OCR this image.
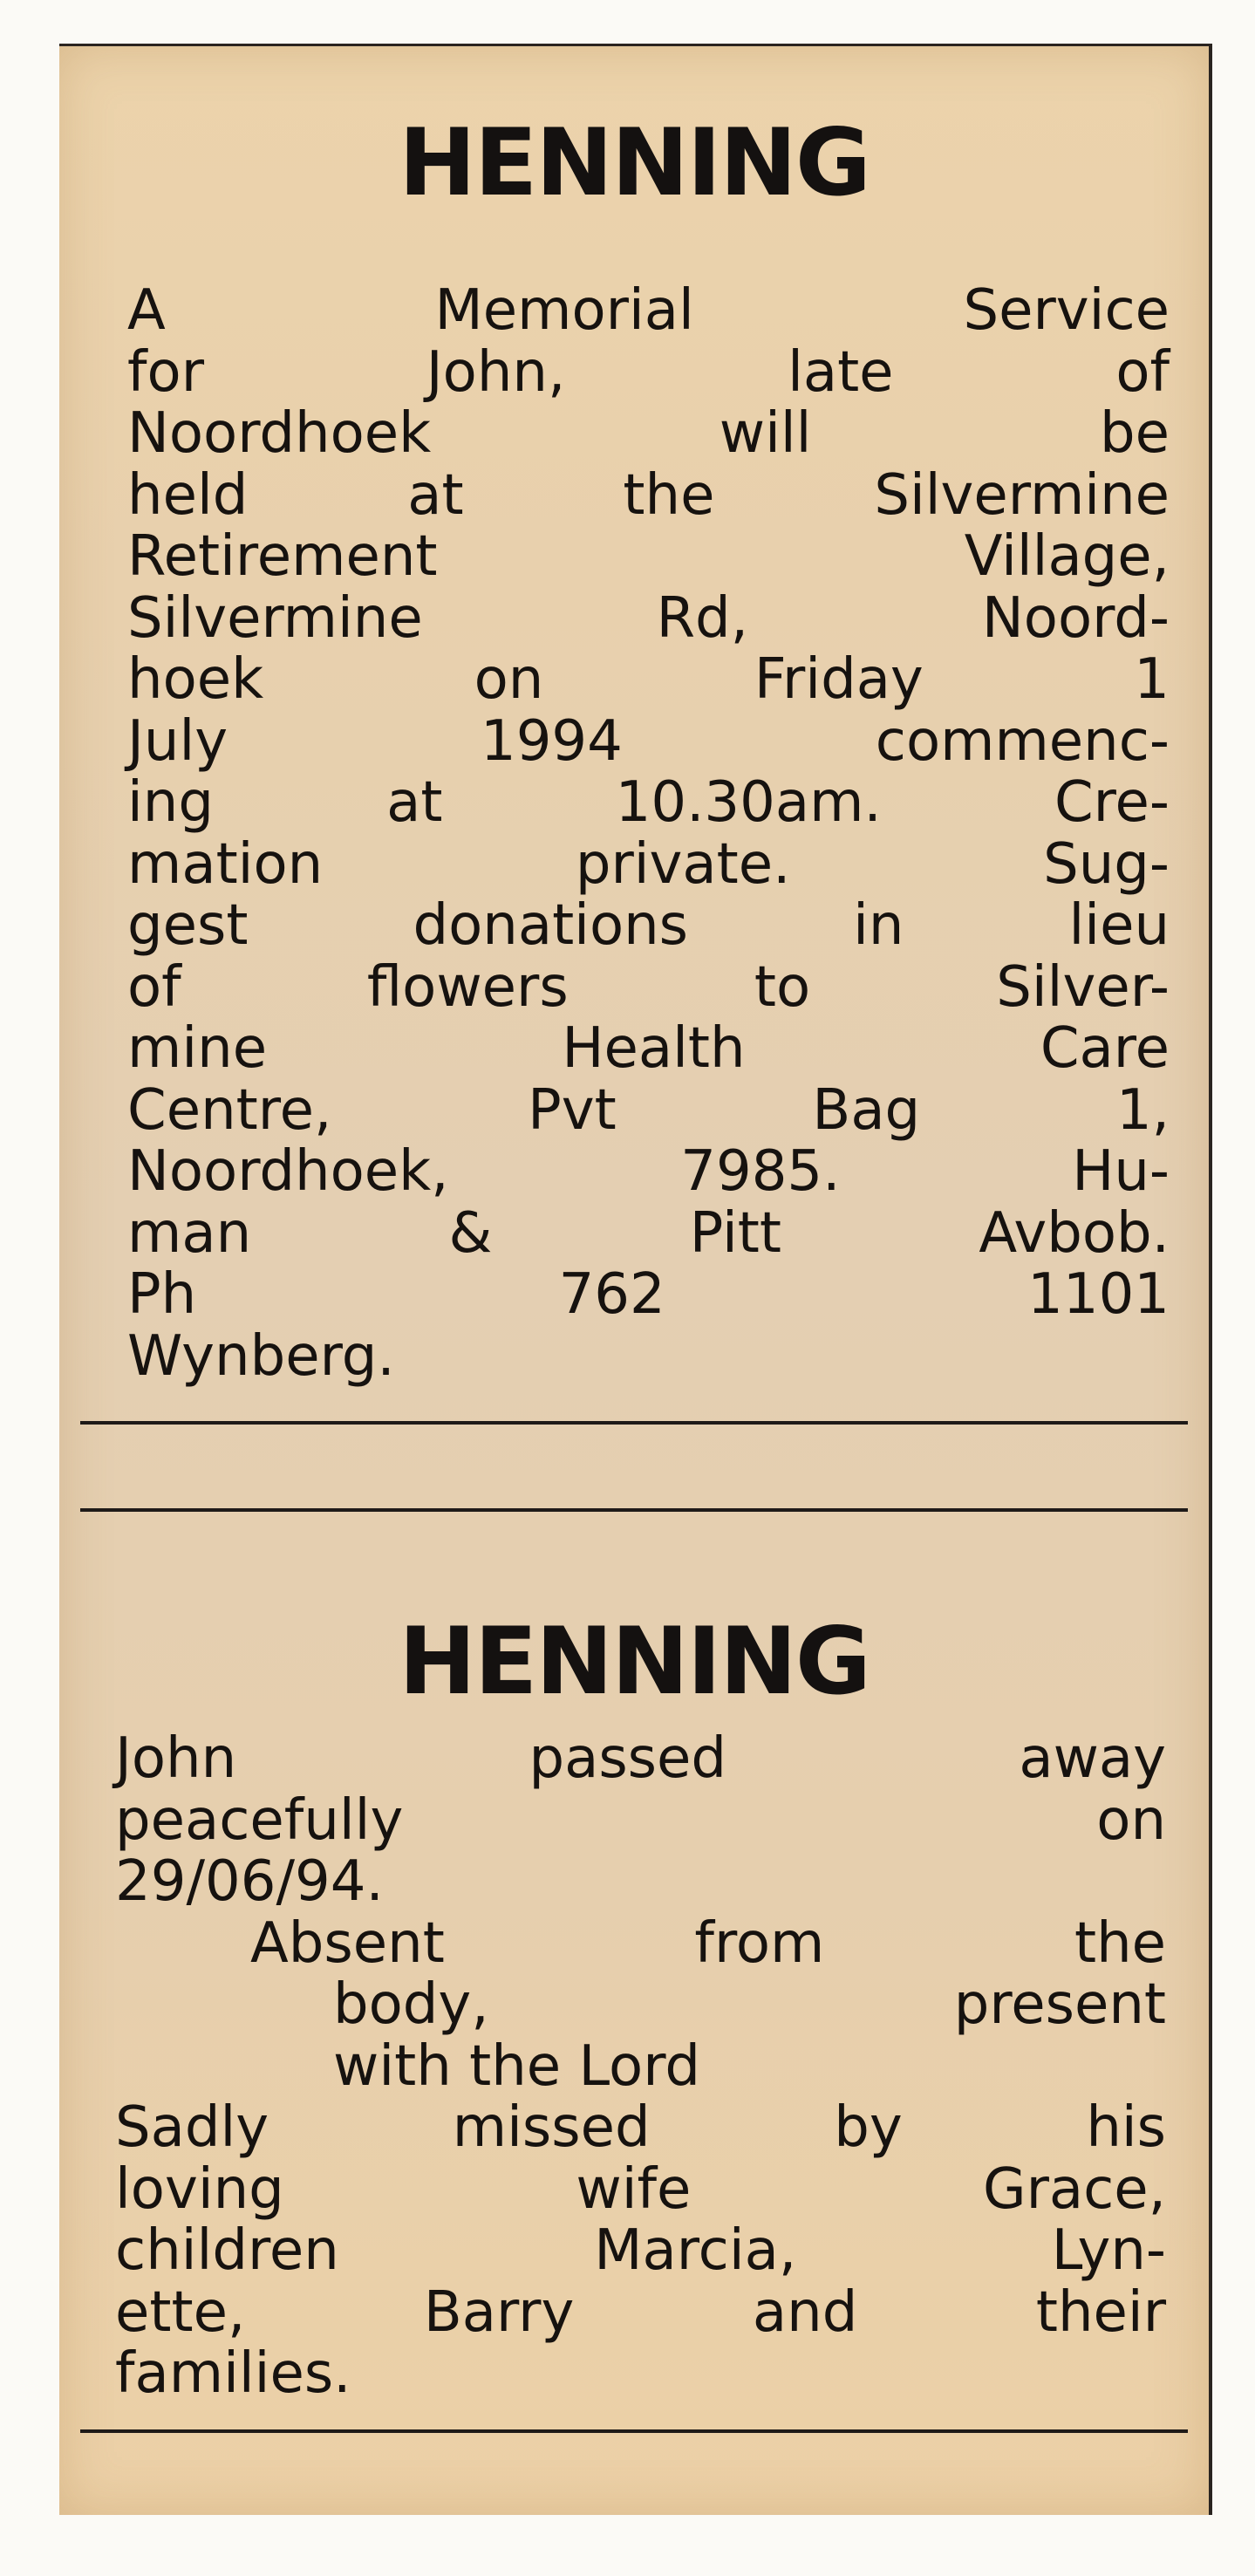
HENNING
A Memorial Service
for John, late of
Noordhoek will be
held at the Silvermine
Retirement Village,
Silvermine Rd, Noord-
hoek on Friday 1
July 1994 commenc-
ing at 10.30am. Cre-
mation private. Sug-
gest donations in lieu
of flowers to Silver-
mine Health Care
Centre, Pvt Bag 1,
Noordhoek, 7985. Hu-
man & Pitt Avbob.
Ph 762 1101
Wynberg.
HENNING
John passed away
peacefully on
29/06/94.
Absent from the
body, present
with the Lord
Sadly missed by his
loving wife Grace,
children Marcia, Lyn-
ette, Barry and their
families.
